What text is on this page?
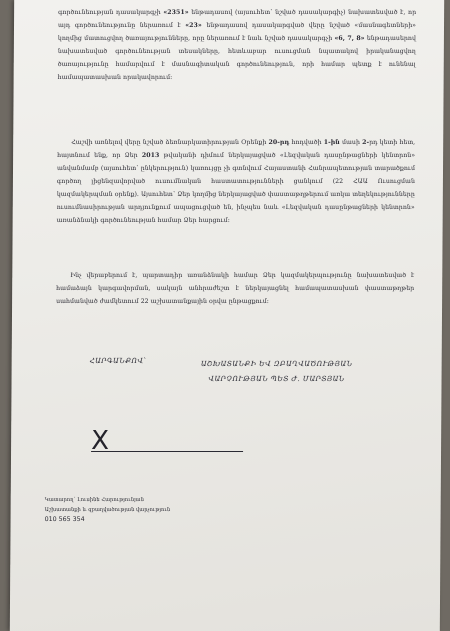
գործունեության դասակարգչի «2351» ենթադասով (այսուհետ՝ նշված դասակարգիչ) նախատեսված է, որ այդ գործունեությունը ներառում է «23» ենթադասով դասակարգված վերը նշված «մասնագետների» կողմից մատուցվող ծառայությունները, որը ներառում է նաև նշված դասակարգչի «6, 7, 8» ենթադասերով նախատեսված գործունեության տեսակները, հետևաբար ուսուցման նպատակով իրականացվող ծառայությունը համարվում է մասնագիտական գործունեություն, որի համար պետք է ունենալ համապատասխան որակավորում։
Հաշվի առնելով վերը նշված ձեռնարկատիրության Օրենքի 20-րդ հոդվածի 1-ին մասի 2-րդ կետի հետ, հայտնում ենք, որ Ձեր 2013 թվականի դիմում ներկայացված «Լեզվական դասընթացների կենտրոն» անվանմամբ (այսուհետ՝ ընկերություն) կառույցը չի գտնվում Հայաստանի Հանրապետության տարածքում գործող լիցենզավորված ուսումնական հաստատությունների ցանկում (22 ՀԱԱ Ուսուցման կազմակերպման օրենք). Այսուհետ՝ Ձեր կողմից ներկայացված փաստաթղթերում առկա տեղեկությունները ուսումնասիրության արդյունքում ապացուցված են, ինչպես նաև «Լեզվական դասընթացների կենտրոն» առանձնակի գործունեության համար Ձեր հարցում։
Ինչ վերաբերում է, պարտադիր առանձնակի համար Ձեր կազմակերպությունը նախատեսված է համաձայն կարգավորման, սակայն անհրաժեշտ է ներկայացնել համապատասխան փաստաթղթեր սահմանված ժամկետում 22 աշխատանքային օրվա ընթացքում։
ՀԱՐԳԱՆՔՈՎ՝	ԱՇԽԱՏԱՆՔԻ ԵՎ ԶԲԱՂՎԱԾՈՒԹՅԱՆ
ՎԱՐՉՈՒԹՅԱՆ ՊԵՏ Ժ. ՄԱՐՏՅԱՆ
X
Կատարող՝ Լուսինե Հարությունյան
Աշխատանքի և զբաղվածության վարչություն
010 565 354
